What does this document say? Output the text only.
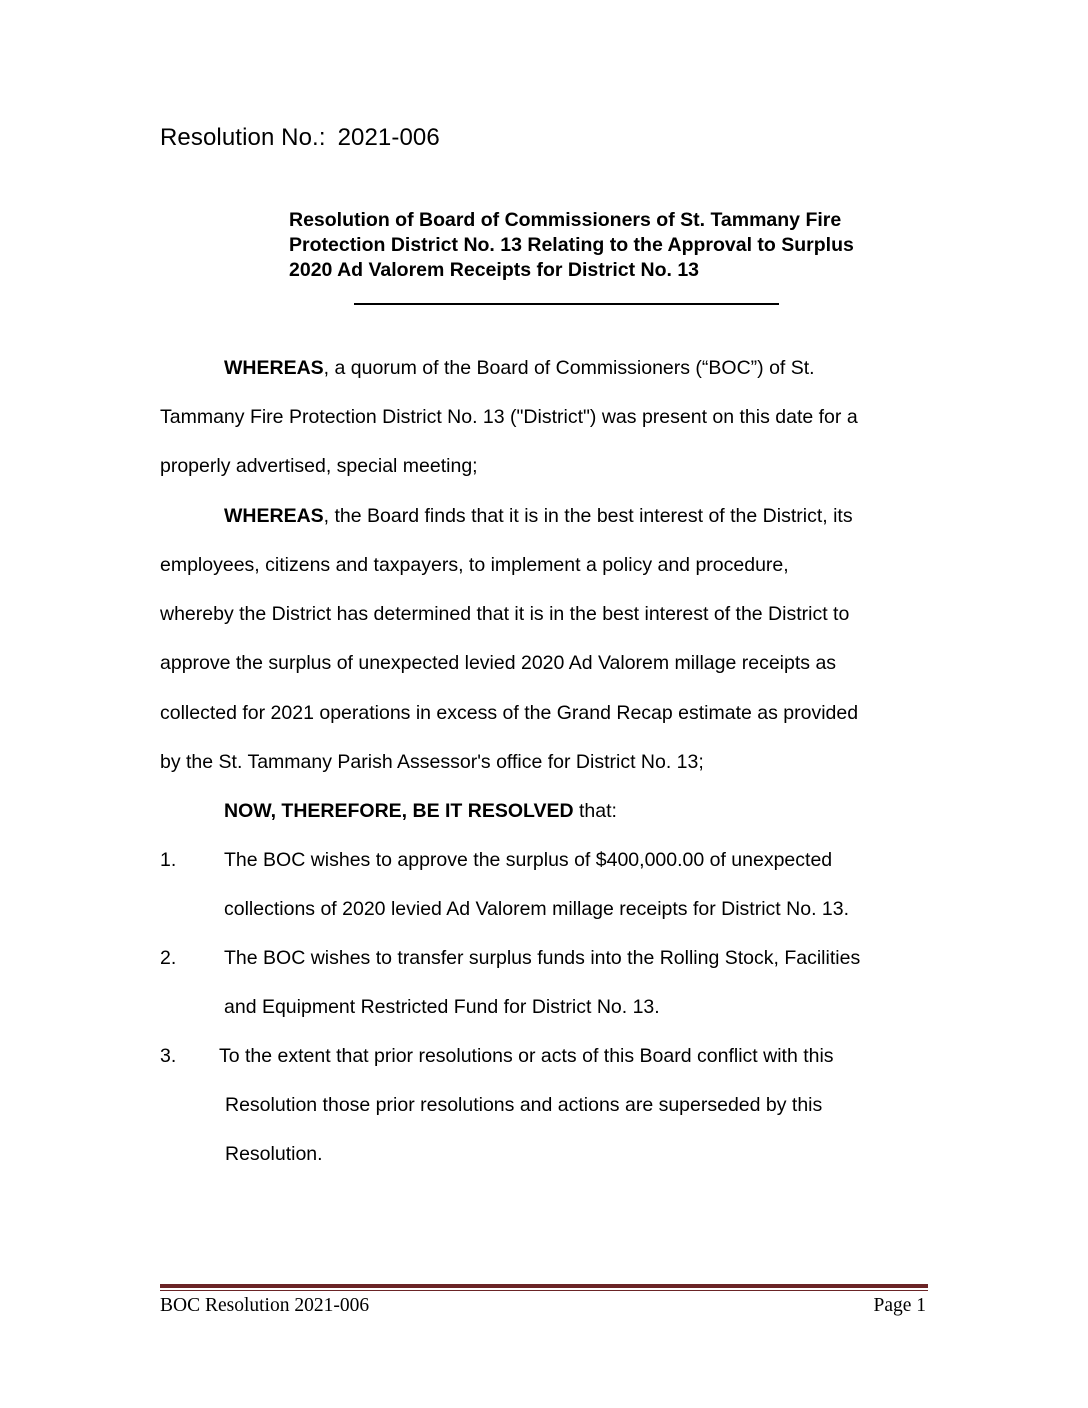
Resolution No.: 2021-006
Resolution of Board of Commissioners of St. Tammany Fire
Protection District No. 13 Relating to the Approval to Surplus
2020 Ad Valorem Receipts for District No. 13
WHEREAS, a quorum of the Board of Commissioners (“BOC”) of St.
Tammany Fire Protection District No. 13 ("District") was present on this date for a
properly advertised, special meeting;
WHEREAS, the Board finds that it is in the best interest of the District, its
employees, citizens and taxpayers, to implement a policy and procedure,
whereby the District has determined that it is in the best interest of the District to
approve the surplus of unexpected levied 2020 Ad Valorem millage receipts as
collected for 2021 operations in excess of the Grand Recap estimate as provided
by the St. Tammany Parish Assessor's office for District No. 13;
NOW, THEREFORE, BE IT RESOLVED that:
1. The BOC wishes to approve the surplus of $400,000.00 of unexpected
collections of 2020 levied Ad Valorem millage receipts for District No. 13.
2. The BOC wishes to transfer surplus funds into the Rolling Stock, Facilities
and Equipment Restricted Fund for District No. 13.
3. To the extent that prior resolutions or acts of this Board conflict with this
Resolution those prior resolutions and actions are superseded by this
Resolution.
BOC Resolution 2021-006	Page 1
